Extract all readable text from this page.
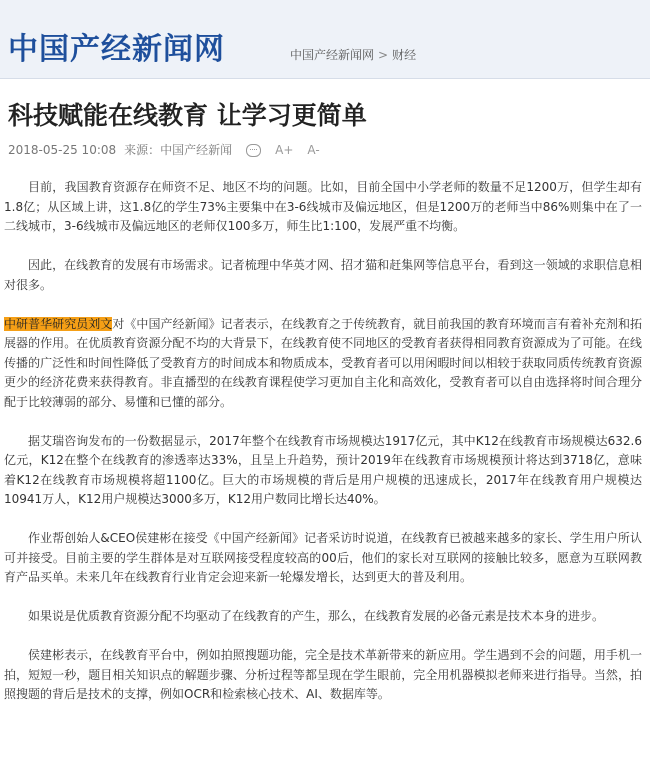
中国产经新闻网	中国产经新闻网 > 财经
科技赋能在线教育 让学习更简单
2018-05-25 10:08 来源：中国产经新闻	A+ A-

目前，我国教育资源存在师资不足、地区不均的问题。比如，目前全国中小学老师的数量不足1200万，但学生却有1.8亿；从区域上讲，这1.8亿的学生73%主要集中在3-6线城市及偏远地区，但是1200万的老师当中86%则集中在了一二线城市，3-6线城市及偏远地区的老师仅100多万，师生比1:100，发展严重不均衡。

因此，在线教育的发展有市场需求。记者梳理中华英才网、招才猫和赶集网等信息平台，看到这一领域的求职信息相对很多。

中研普华研究员刘文对《中国产经新闻》记者表示，在线教育之于传统教育，就目前我国的教育环境而言有着补充剂和拓展器的作用。在优质教育资源分配不均的大背景下，在线教育使不同地区的受教育者获得相同教育资源成为了可能。在线传播的广泛性和时间性降低了受教育方的时间成本和物质成本，受教育者可以用闲暇时间以相较于获取同质传统教育资源更少的经济花费来获得教育。非直播型的在线教育课程使学习更加自主化和高效化，受教育者可以自由选择将时间合理分配于比较薄弱的部分、易懂和已懂的部分。

据艾瑞咨询发布的一份数据显示，2017年整个在线教育市场规模达1917亿元，其中K12在线教育市场规模达632.6亿元，K12在整个在线教育的渗透率达33%，且呈上升趋势，预计2019年在线教育市场规模预计将达到3718亿，意味着K12在线教育市场规模将超1100亿。巨大的市场规模的背后是用户规模的迅速成长，2017年在线教育用户规模达10941万人，K12用户规模达3000多万，K12用户数同比增长达40%。

作业帮创始人&CEO侯建彬在接受《中国产经新闻》记者采访时说道，在线教育已被越来越多的家长、学生用户所认可并接受。目前主要的学生群体是对互联网接受程度较高的00后，他们的家长对互联网的接触比较多，愿意为互联网教育产品买单。未来几年在线教育行业肯定会迎来新一轮爆发增长，达到更大的普及利用。

如果说是优质教育资源分配不均驱动了在线教育的产生，那么，在线教育发展的必备元素是技术本身的进步。

侯建彬表示，在线教育平台中，例如拍照搜题功能，完全是技术革新带来的新应用。学生遇到不会的问题，用手机一拍，短短一秒，题目相关知识点的解题步骤、分析过程等都呈现在学生眼前，完全用机器模拟老师来进行指导。当然，拍照搜题的背后是技术的支撑，例如OCR和检索核心技术、AI、数据库等。
